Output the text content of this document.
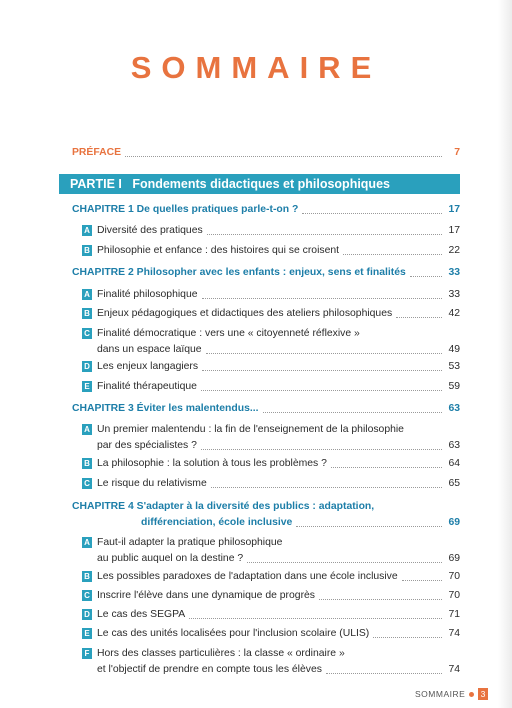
SOMMAIRE
PRÉFACE	7
PARTIE I Fondements didactiques et philosophiques
CHAPITRE 1 De quelles pratiques parle-t-on ?	17
A Diversité des pratiques	17
B Philosophie et enfance : des histoires qui se croisent	22
CHAPITRE 2 Philosopher avec les enfants : enjeux, sens et finalités	33
A Finalité philosophique	33
B Enjeux pédagogiques et didactiques des ateliers philosophiques	42
C Finalité démocratique : vers une « citoyenneté réflexive »
dans un espace laïque	49
D Les enjeux langagiers	53
E Finalité thérapeutique	59
CHAPITRE 3 Éviter les malentendus...	63
A Un premier malentendu : la fin de l'enseignement de la philosophie
par des spécialistes ?	63
B La philosophie : la solution à tous les problèmes ?	64
C Le risque du relativisme	65
CHAPITRE 4 S'adapter à la diversité des publics : adaptation,
différenciation, école inclusive	69
A Faut-il adapter la pratique philosophique
au public auquel on la destine ?	69
B Les possibles paradoxes de l'adaptation dans une école inclusive	70
C Inscrire l'élève dans une dynamique de progrès	70
D Le cas des SEGPA	71
E Le cas des unités localisées pour l'inclusion scolaire (ULIS)	74
F Hors des classes particulières : la classe « ordinaire »
et l'objectif de prendre en compte tous les élèves	74
SOMMAIRE 3
